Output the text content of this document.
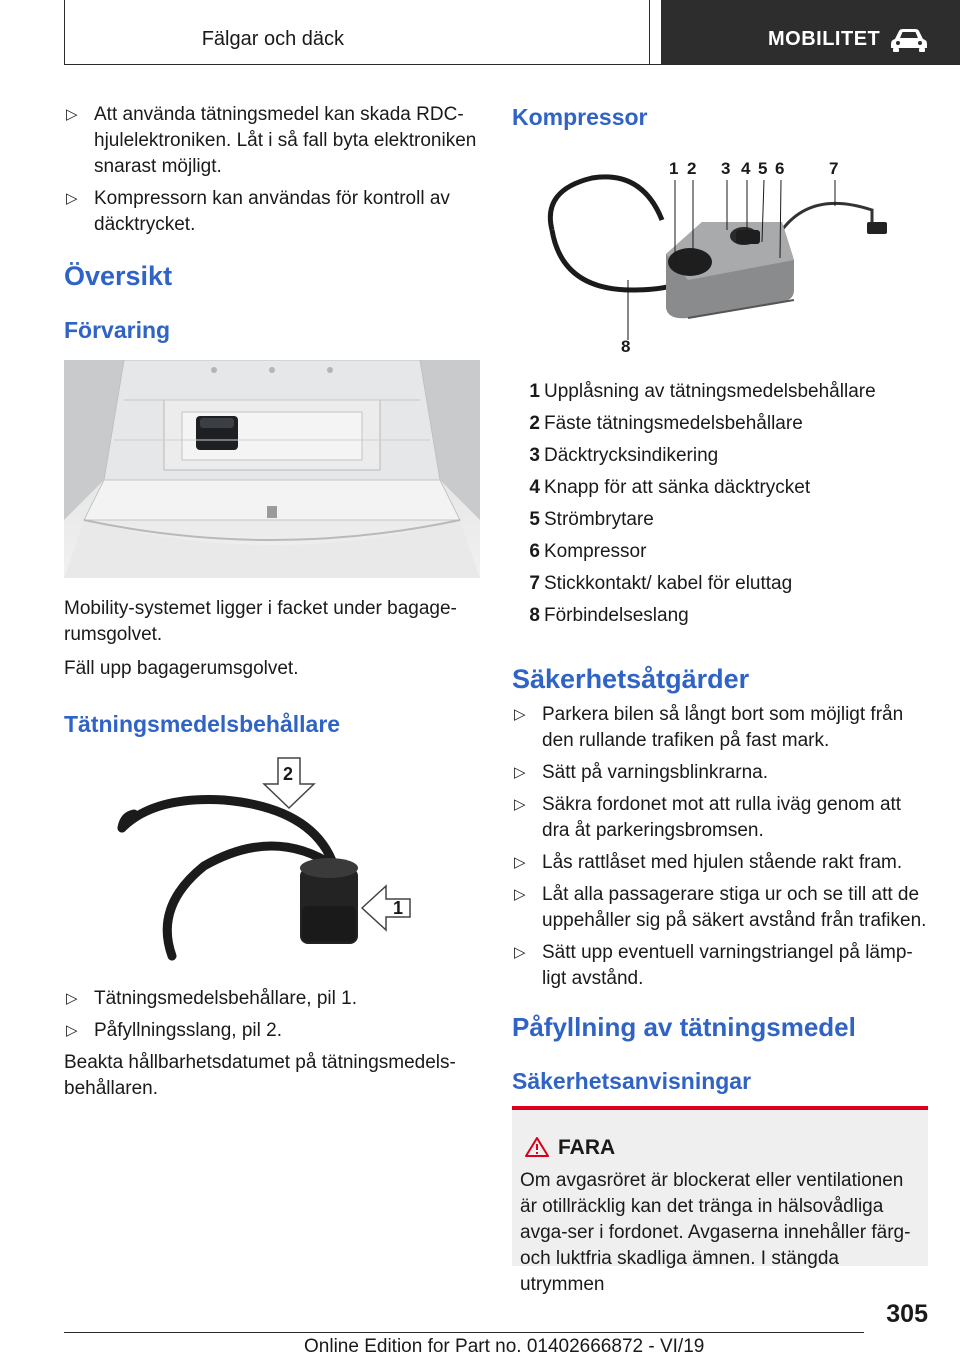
Fälgar och däck	MOBILITET
▷ Att använda tätningsmedel kan skada RDC-hjulelektroniken. Låt i så fall byta elektroniken snarast möjligt.
▷ Kompressorn kan användas för kontroll av däcktrycket.
Översikt
Förvaring

Mobility-systemet ligger i facket under bagage-rumsgolvet.

Fäll upp bagagerumsgolvet.

Tätningsmedelsbehållare
1
2
▷ Tätningsmedelsbehållare, pil 1.
▷ Påfyllningsslang, pil 2.

Beakta hållbarhetsdatumet på tätningsmedels-behållaren.

Kompressor
1 2 3 4 5 6	7
8
1 Upplåsning av tätningsmedelsbehållare
2 Fäste tätningsmedelsbehållare
3 Däcktrycksindikering
4 Knapp för att sänka däcktrycket
5 Strömbrytare
6 Kompressor
7 Stickkontakt/ kabel för eluttag
8 Förbindelseslang
Säkerhetsåtgärder
▷ Parkera bilen så långt bort som möjligt från den rullande trafiken på fast mark.
▷ Sätt på varningsblinkrarna.
▷ Säkra fordonet mot att rulla iväg genom att dra åt parkeringsbromsen.
▷ Lås rattlåset med hjulen stående rakt fram.
▷ Låt alla passagerare stiga ur och se till att de uppehåller sig på säkert avstånd från trafiken.
▷ Sätt upp eventuell varningstriangel på lämp-ligt avstånd.
Påfyllning av tätningsmedel
Säkerhetsanvisningar
FARA
Om avgasröret är blockerat eller ventilationen är otillräcklig kan det tränga in hälsovådliga avga-ser i fordonet. Avgaserna innehåller färg- och luktfria skadliga ämnen. I stängda utrymmen
305
Online Edition for Part no. 01402666872 - VI/19
